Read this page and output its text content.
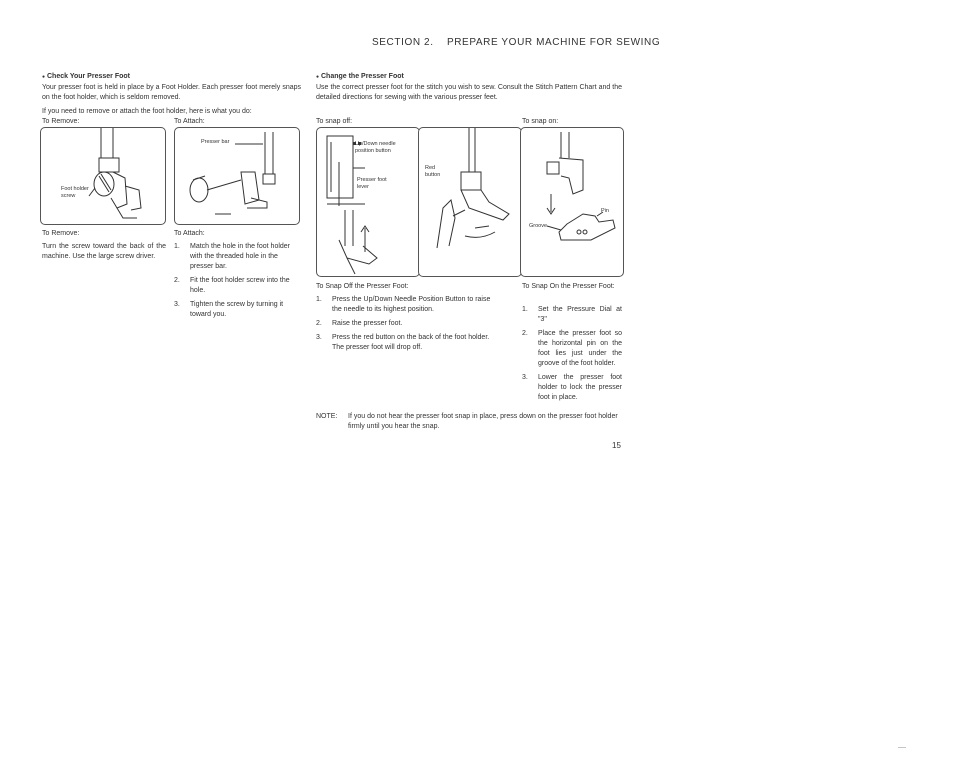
SECTION 2. PREPARE YOUR MACHINE FOR SEWING
● Check Your Presser Foot
Your presser foot is held in place by a Foot Holder. Each presser foot merely snaps on the foot holder, which is seldom removed.
If you need to remove or attach the foot holder, here is what you do:
To Remove:	To Attach:
Foot holder screw
Presser bar
To Remove:
Turn the screw toward the back of the machine. Use the large screw driver.
To Attach:
1. Match the hole in the foot holder with the threaded hole in the presser bar.
2. Fit the foot holder screw into the hole.
3. Tighten the screw by turning it toward you.
● Change the Presser Foot
Use the correct presser foot for the stitch you wish to sew. Consult the Stitch Pattern Chart and the detailed directions for sewing with the various presser feet.
To snap off:	To snap on:
Up/Down needle position button
Presser foot lever
Red button
Pin
Groove
To Snap Off the Presser Foot:
1. Press the Up/Down Needle Position Button to raise the needle to its highest position.
2. Raise the presser foot.
3. Press the red button on the back of the foot holder. The presser foot will drop off.
To Snap On the Presser Foot:
1. Set the Pressure Dial at "3"
2. Place the presser foot so the horizontal pin on the foot lies just under the groove of the foot holder.
3. Lower the presser foot holder to lock the presser foot in place.
NOTE: If you do not hear the presser foot snap in place, press down on the presser foot holder firmly until you hear the snap.
15
----
